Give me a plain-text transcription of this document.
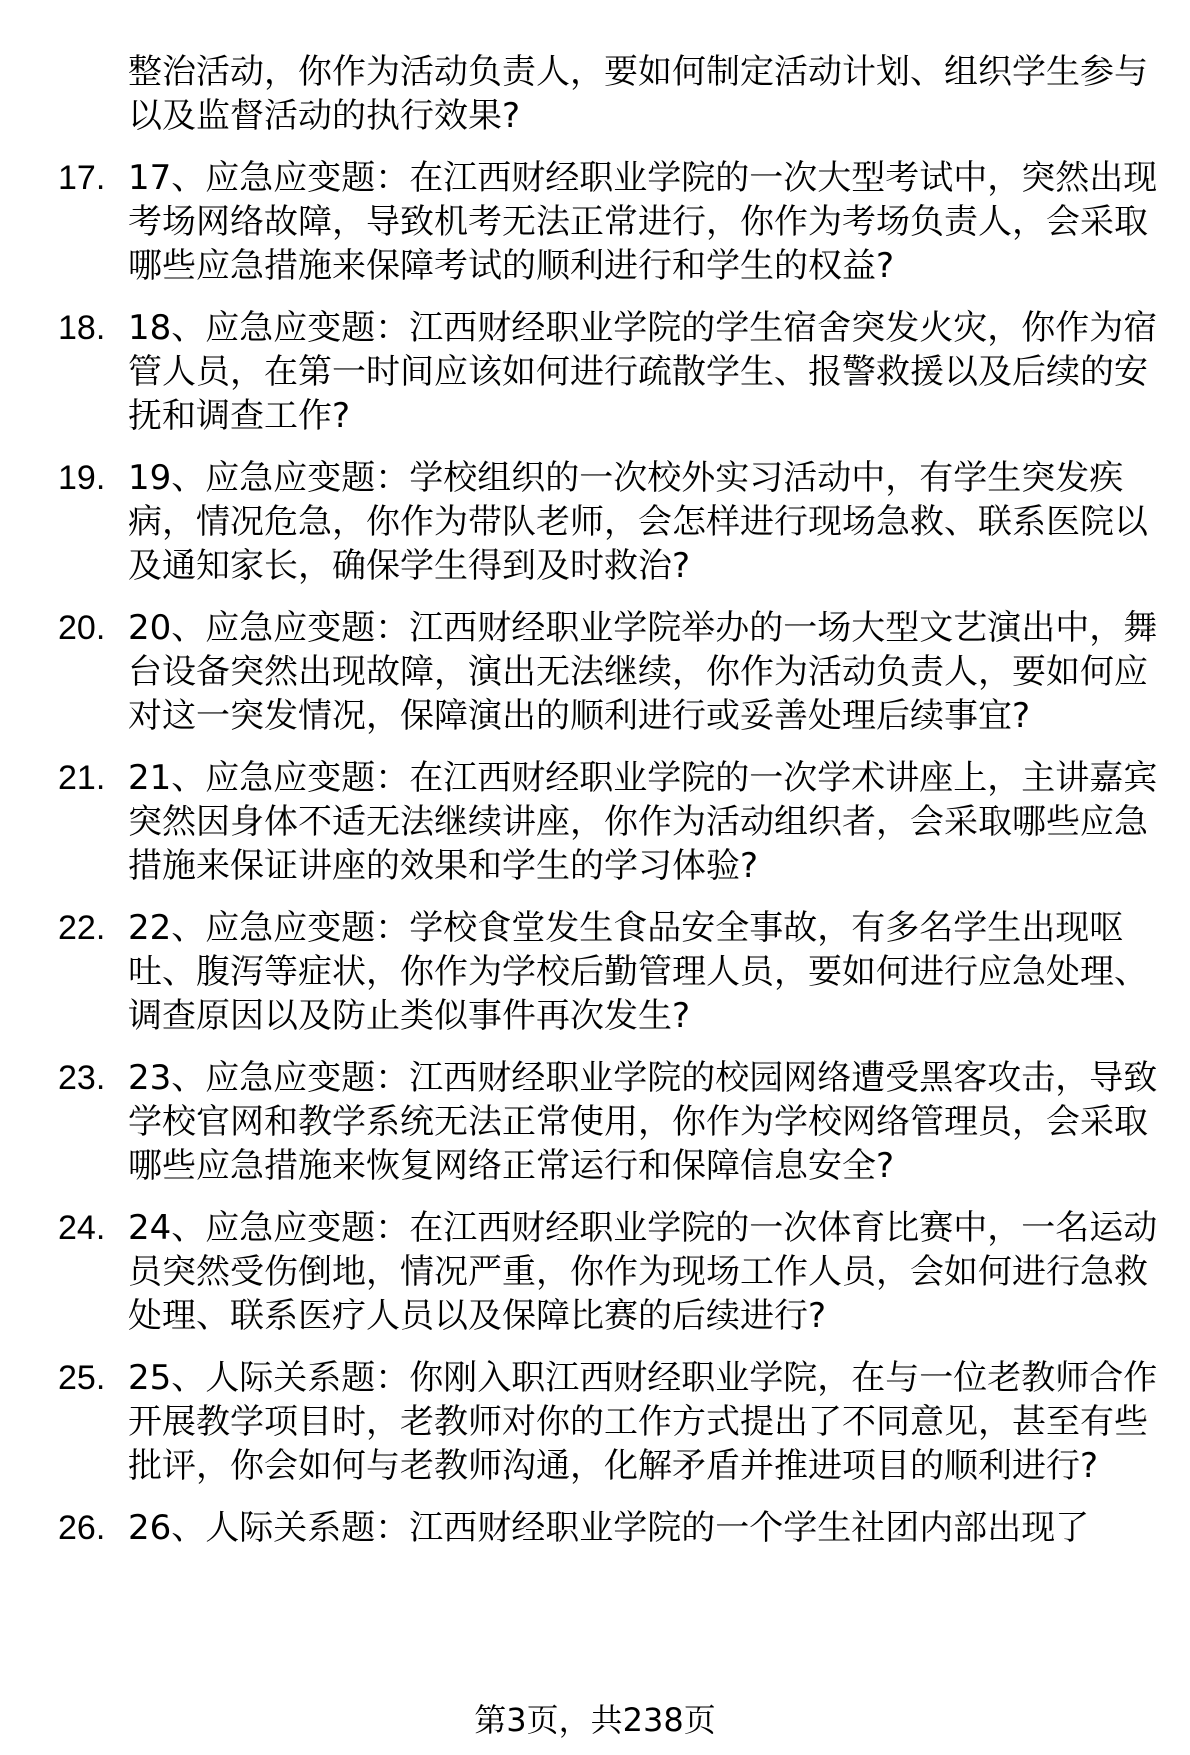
整治活动，你作为活动负责人，要如何制定活动计划、组织学生参与以及监督活动的执行效果?
17. 17、应急应变题：在江西财经职业学院的一次大型考试中，突然出现考场网络故障，导致机考无法正常进行，你作为考场负责人，会采取哪些应急措施来保障考试的顺利进行和学生的权益?
18. 18、应急应变题：江西财经职业学院的学生宿舍突发火灾，你作为宿管人员，在第一时间应该如何进行疏散学生、报警救援以及后续的安抚和调查工作?
19. 19、应急应变题：学校组织的一次校外实习活动中，有学生突发疾病，情况危急，你作为带队老师，会怎样进行现场急救、联系医院以及通知家长，确保学生得到及时救治?
20. 20、应急应变题：江西财经职业学院举办的一场大型文艺演出中，舞台设备突然出现故障，演出无法继续，你作为活动负责人，要如何应对这一突发情况，保障演出的顺利进行或妥善处理后续事宜?
21. 21、应急应变题：在江西财经职业学院的一次学术讲座上，主讲嘉宾突然因身体不适无法继续讲座，你作为活动组织者，会采取哪些应急措施来保证讲座的效果和学生的学习体验?
22. 22、应急应变题：学校食堂发生食品安全事故，有多名学生出现呕吐、腹泻等症状，你作为学校后勤管理人员，要如何进行应急处理、调查原因以及防止类似事件再次发生?
23. 23、应急应变题：江西财经职业学院的校园网络遭受黑客攻击，导致学校官网和教学系统无法正常使用，你作为学校网络管理员，会采取哪些应急措施来恢复网络正常运行和保障信息安全?
24. 24、应急应变题：在江西财经职业学院的一次体育比赛中，一名运动员突然受伤倒地，情况严重，你作为现场工作人员，会如何进行急救处理、联系医疗人员以及保障比赛的后续进行?
25. 25、人际关系题：你刚入职江西财经职业学院，在与一位老教师合作开展教学项目时，老教师对你的工作方式提出了不同意见，甚至有些批评，你会如何与老教师沟通，化解矛盾并推进项目的顺利进行?
26. 26、人际关系题：江西财经职业学院的一个学生社团内部出现了
第3页，共238页
